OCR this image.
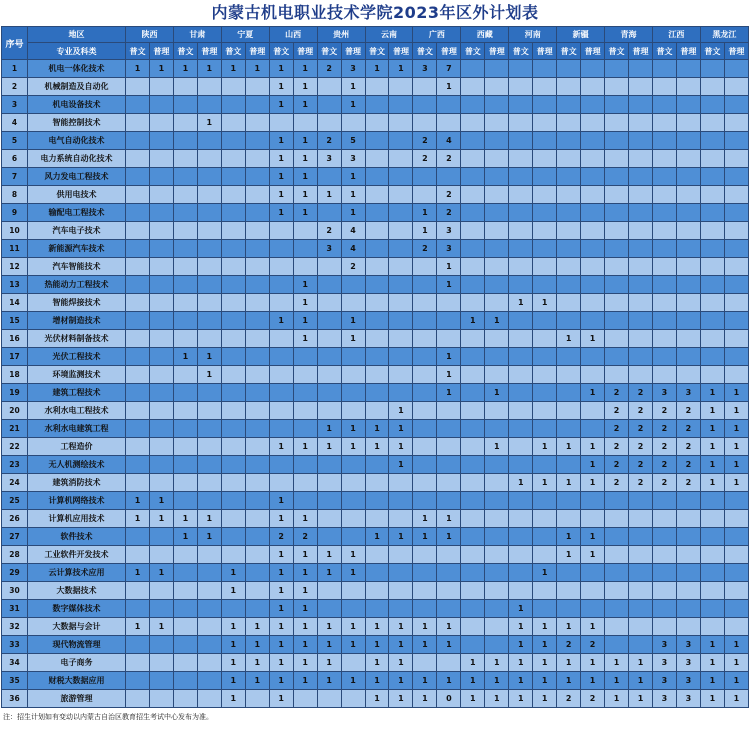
内蒙古机电职业技术学院2023年区外计划表
序号	地区	陕西		甘肃		宁夏		山西		贵州		云南		广西		西藏		河南		新疆		青海		江西		黑龙江	
	专业及科类	普文	普理	普文	普理	普文	普理	普文	普理	普文	普理	普文	普理	普文	普理	普文	普理	普文	普理	普文	普理	普文	普理	普文	普理	普文	普理
1	机电一体化技术	1	1	1	1	1	1	1	1	2	3	1	1	3	7												
2	机械制造及自动化							1	1		1				1												
3	机电设备技术							1	1		1																
4	智能控制技术				1																						
5	电气自动化技术							1	1	2	5			2	4												
6	电力系统自动化技术							1	1	3	3			2	2												
7	风力发电工程技术							1	1		1																
8	供用电技术							1	1	1	1				2												
9	输配电工程技术							1	1		1			1	2												
10	汽车电子技术									2	4			1	3												
11	新能源汽车技术									3	4			2	3												
12	汽车智能技术										2				1												
13	热能动力工程技术								1						1												
14	智能焊接技术								1									1	1								
15	增材制造技术							1	1		1					1	1										
16	光伏材料制备技术								1		1									1	1						
17	光伏工程技术			1	1										1												
18	环境监测技术				1										1												
19	建筑工程技术														1		1				1	2	2	3	3	1	1
20	水利水电工程技术												1									2	2	2	2	1	1
21	水利水电建筑工程									1	1	1	1									2	2	2	2	1	1
22	工程造价							1	1	1	1	1	1				1		1	1	1	2	2	2	2	1	1
23	无人机测绘技术												1								1	2	2	2	2	1	1
24	建筑消防技术																	1	1	1	1	2	2	2	2	1	1
25	计算机网络技术	1	1					1																			
26	计算机应用技术	1	1	1	1			1	1					1	1												
27	软件技术			1	1			2	2			1	1	1	1					1	1						
28	工业软件开发技术							1	1	1	1									1	1						
29	云计算技术应用	1	1			1		1	1	1	1								1								
30	大数据技术					1		1	1																		
31	数字媒体技术							1	1									1									
32	大数据与会计	1	1			1	1	1	1	1	1	1	1	1	1			1	1	1	1						
33	现代物流管理					1	1	1	1	1	1	1	1	1	1			1	1	2	2			3	3	1	1
34	电子商务					1	1	1	1	1		1	1			1	1	1	1	1	1	1	1	3	3	1	1
35	财税大数据应用					1	1	1	1	1	1	1	1	1	1	1	1	1	1	1	1	1	1	3	3	1	1
36	旅游管理					1		1				1	1	1	0	1	1	1	1	2	2	1	1	3	3	1	1
注：招生计划如有变动以内蒙古自治区教育招生考试中心发布为准。
